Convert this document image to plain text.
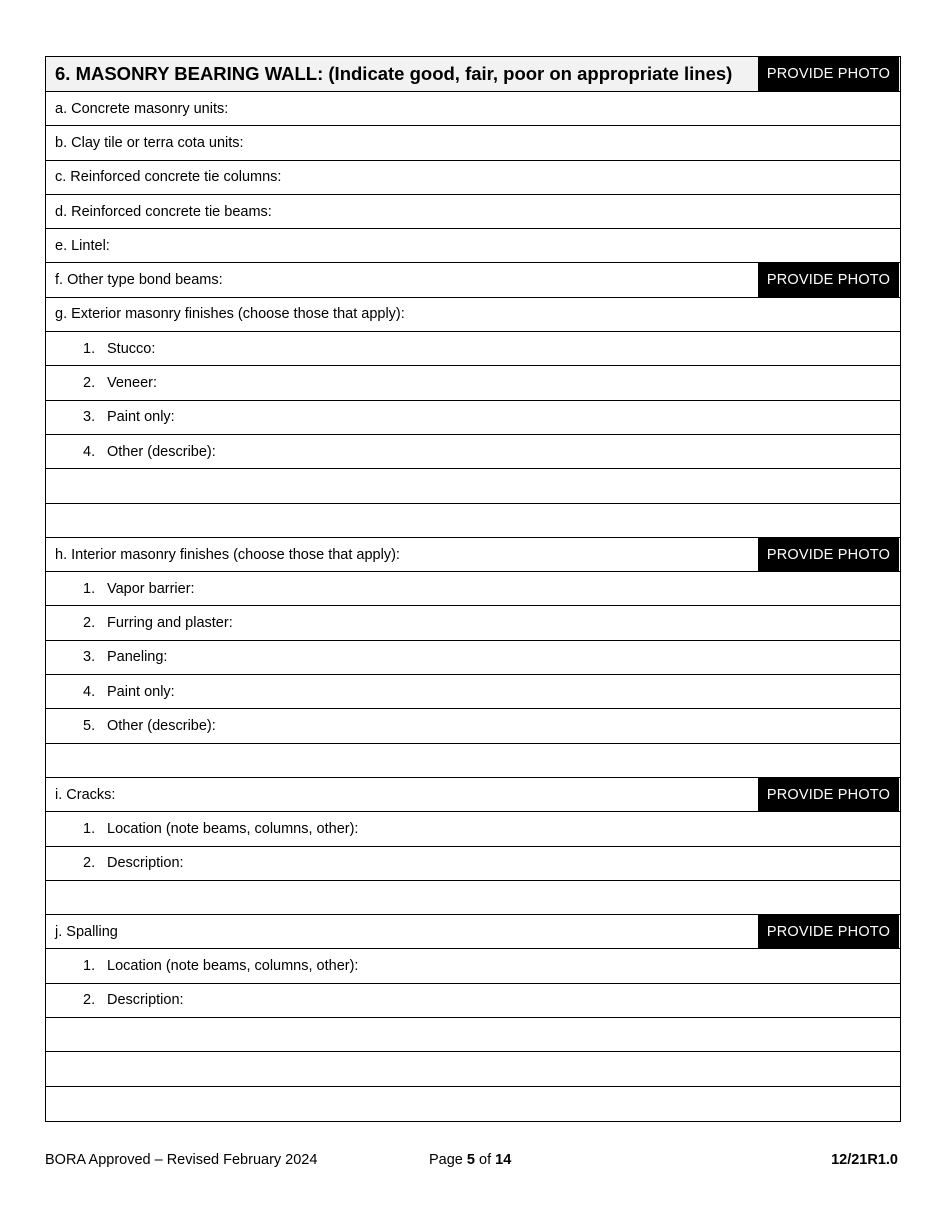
6. MASONRY BEARING WALL: (Indicate good, fair, poor on appropriate lines)	PROVIDE PHOTO
a. Concrete masonry units:
b. Clay tile or terra cota units:
c. Reinforced concrete tie columns:
d. Reinforced concrete tie beams:
e. Lintel:
f. Other type bond beams:	PROVIDE PHOTO
g. Exterior masonry finishes (choose those that apply):
1. Stucco:
2. Veneer:
3. Paint only:
4. Other (describe):
h. Interior masonry finishes (choose those that apply):	PROVIDE PHOTO
1. Vapor barrier:
2. Furring and plaster:
3. Paneling:
4. Paint only:
5. Other (describe):
i. Cracks:	PROVIDE PHOTO
1. Location (note beams, columns, other):
2. Description:
j. Spalling	PROVIDE PHOTO
1. Location (note beams, columns, other):
2. Description:
BORA Approved – Revised February 2024	Page 5 of 14	12/21R1.0
